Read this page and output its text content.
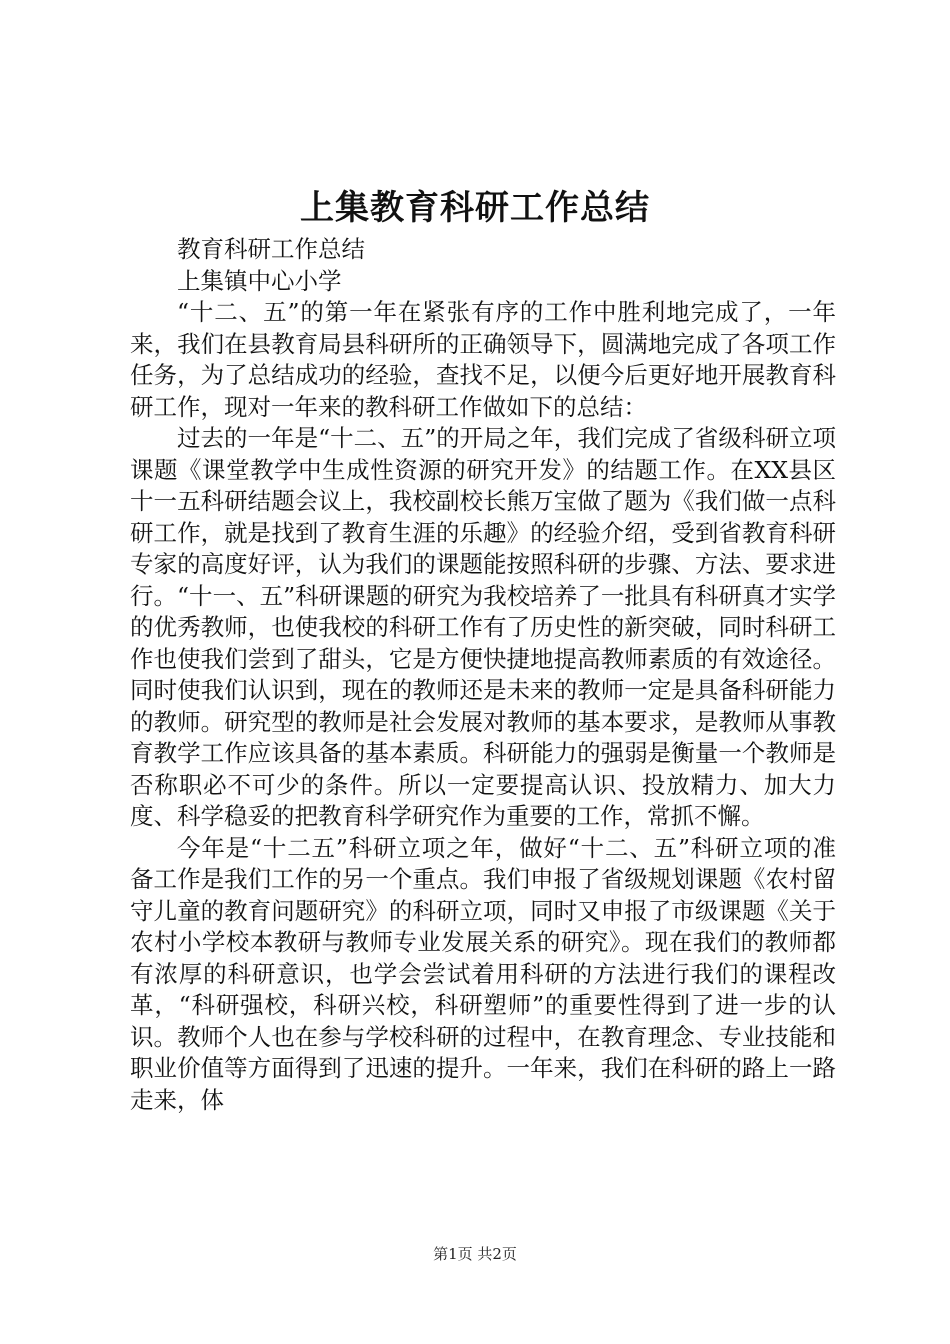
上集教育科研工作总结

教育科研工作总结

上集镇中心小学

“十二、五”的第一年在紧张有序的工作中胜利地完成了，一年来，我们在县教育局县科研所的正确领导下，圆满地完成了各项工作任务，为了总结成功的经验，查找不足，以便今后更好地开展教育科研工作，现对一年来的教科研工作做如下的总结：

过去的一年是“十二、五”的开局之年，我们完成了省级科研立项课题《课堂教学中生成性资源的研究开发》的结题工作。在XX县区十一五科研结题会议上，我校副校长熊万宝做了题为《我们做一点科研工作，就是找到了教育生涯的乐趣》的经验介绍，受到省教育科研专家的高度好评，认为我们的课题能按照科研的步骤、方法、要求进行。“十一、五”科研课题的研究为我校培养了一批具有科研真才实学的优秀教师，也使我校的科研工作有了历史性的新突破，同时科研工作也使我们尝到了甜头，它是方便快捷地提高教师素质的有效途径。同时使我们认识到，现在的教师还是未来的教师一定是具备科研能力的教师。研究型的教师是社会发展对教师的基本要求，是教师从事教育教学工作应该具备的基本素质。科研能力的强弱是衡量一个教师是否称职必不可少的条件。所以一定要提高认识、投放精力、加大力度、科学稳妥的把教育科学研究作为重要的工作，常抓不懈。

今年是“十二五”科研立项之年，做好“十二、五”科研立项的准备工作是我们工作的另一个重点。我们申报了省级规划课题《农村留守儿童的教育问题研究》的科研立项，同时又申报了市级课题《关于农村小学校本教研与教师专业发展关系的研究》。现在我们的教师都有浓厚的科研意识，也学会尝试着用科研的方法进行我们的课程改革，“科研强校，科研兴校，科研塑师”的重要性得到了进一步的认识。教师个人也在参与学校科研的过程中，在教育理念、专业技能和职业价值等方面得到了迅速的提升。一年来，我们在科研的路上一路走来，体

第1页 共2页
